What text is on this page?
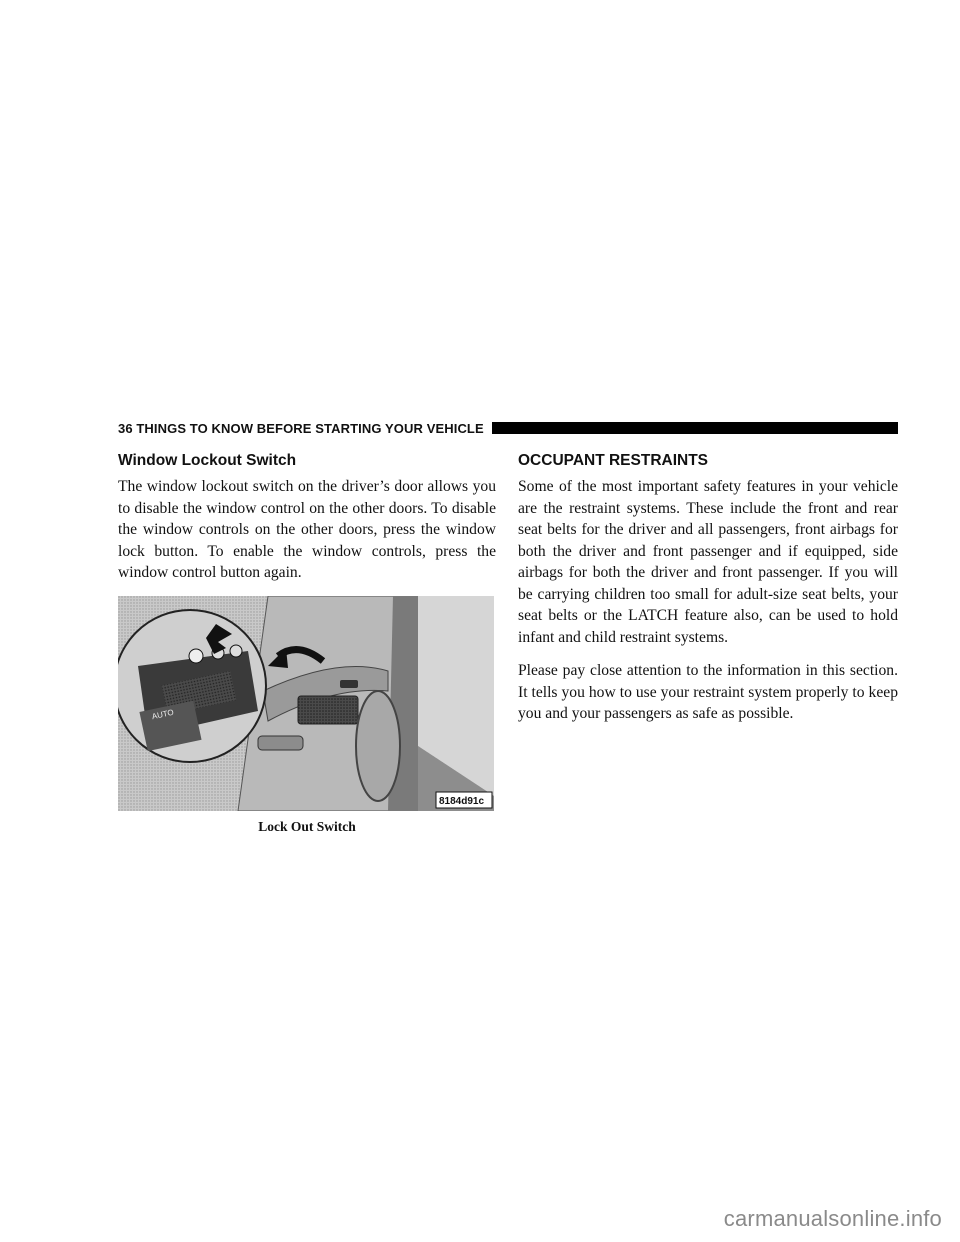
36 THINGS TO KNOW BEFORE STARTING YOUR VEHICLE
Window Lockout Switch

The window lockout switch on the driver’s door allows you to disable the window control on the other doors. To disable the window controls on the other doors, press the window lock button. To enable the window controls, press the window control button again.

AUTO
8184d91c
Lock Out Switch
OCCUPANT RESTRAINTS

Some of the most important safety features in your vehicle are the restraint systems. These include the front and rear seat belts for the driver and all passengers, front airbags for both the driver and front passenger and if equipped, side airbags for both the driver and front passenger. If you will be carrying children too small for adult-size seat belts, your seat belts or the LATCH feature also, can be used to hold infant and child restraint systems.

Please pay close attention to the information in this section. It tells you how to use your restraint system properly to keep you and your passengers as safe as possible.

carmanualsonline.info
